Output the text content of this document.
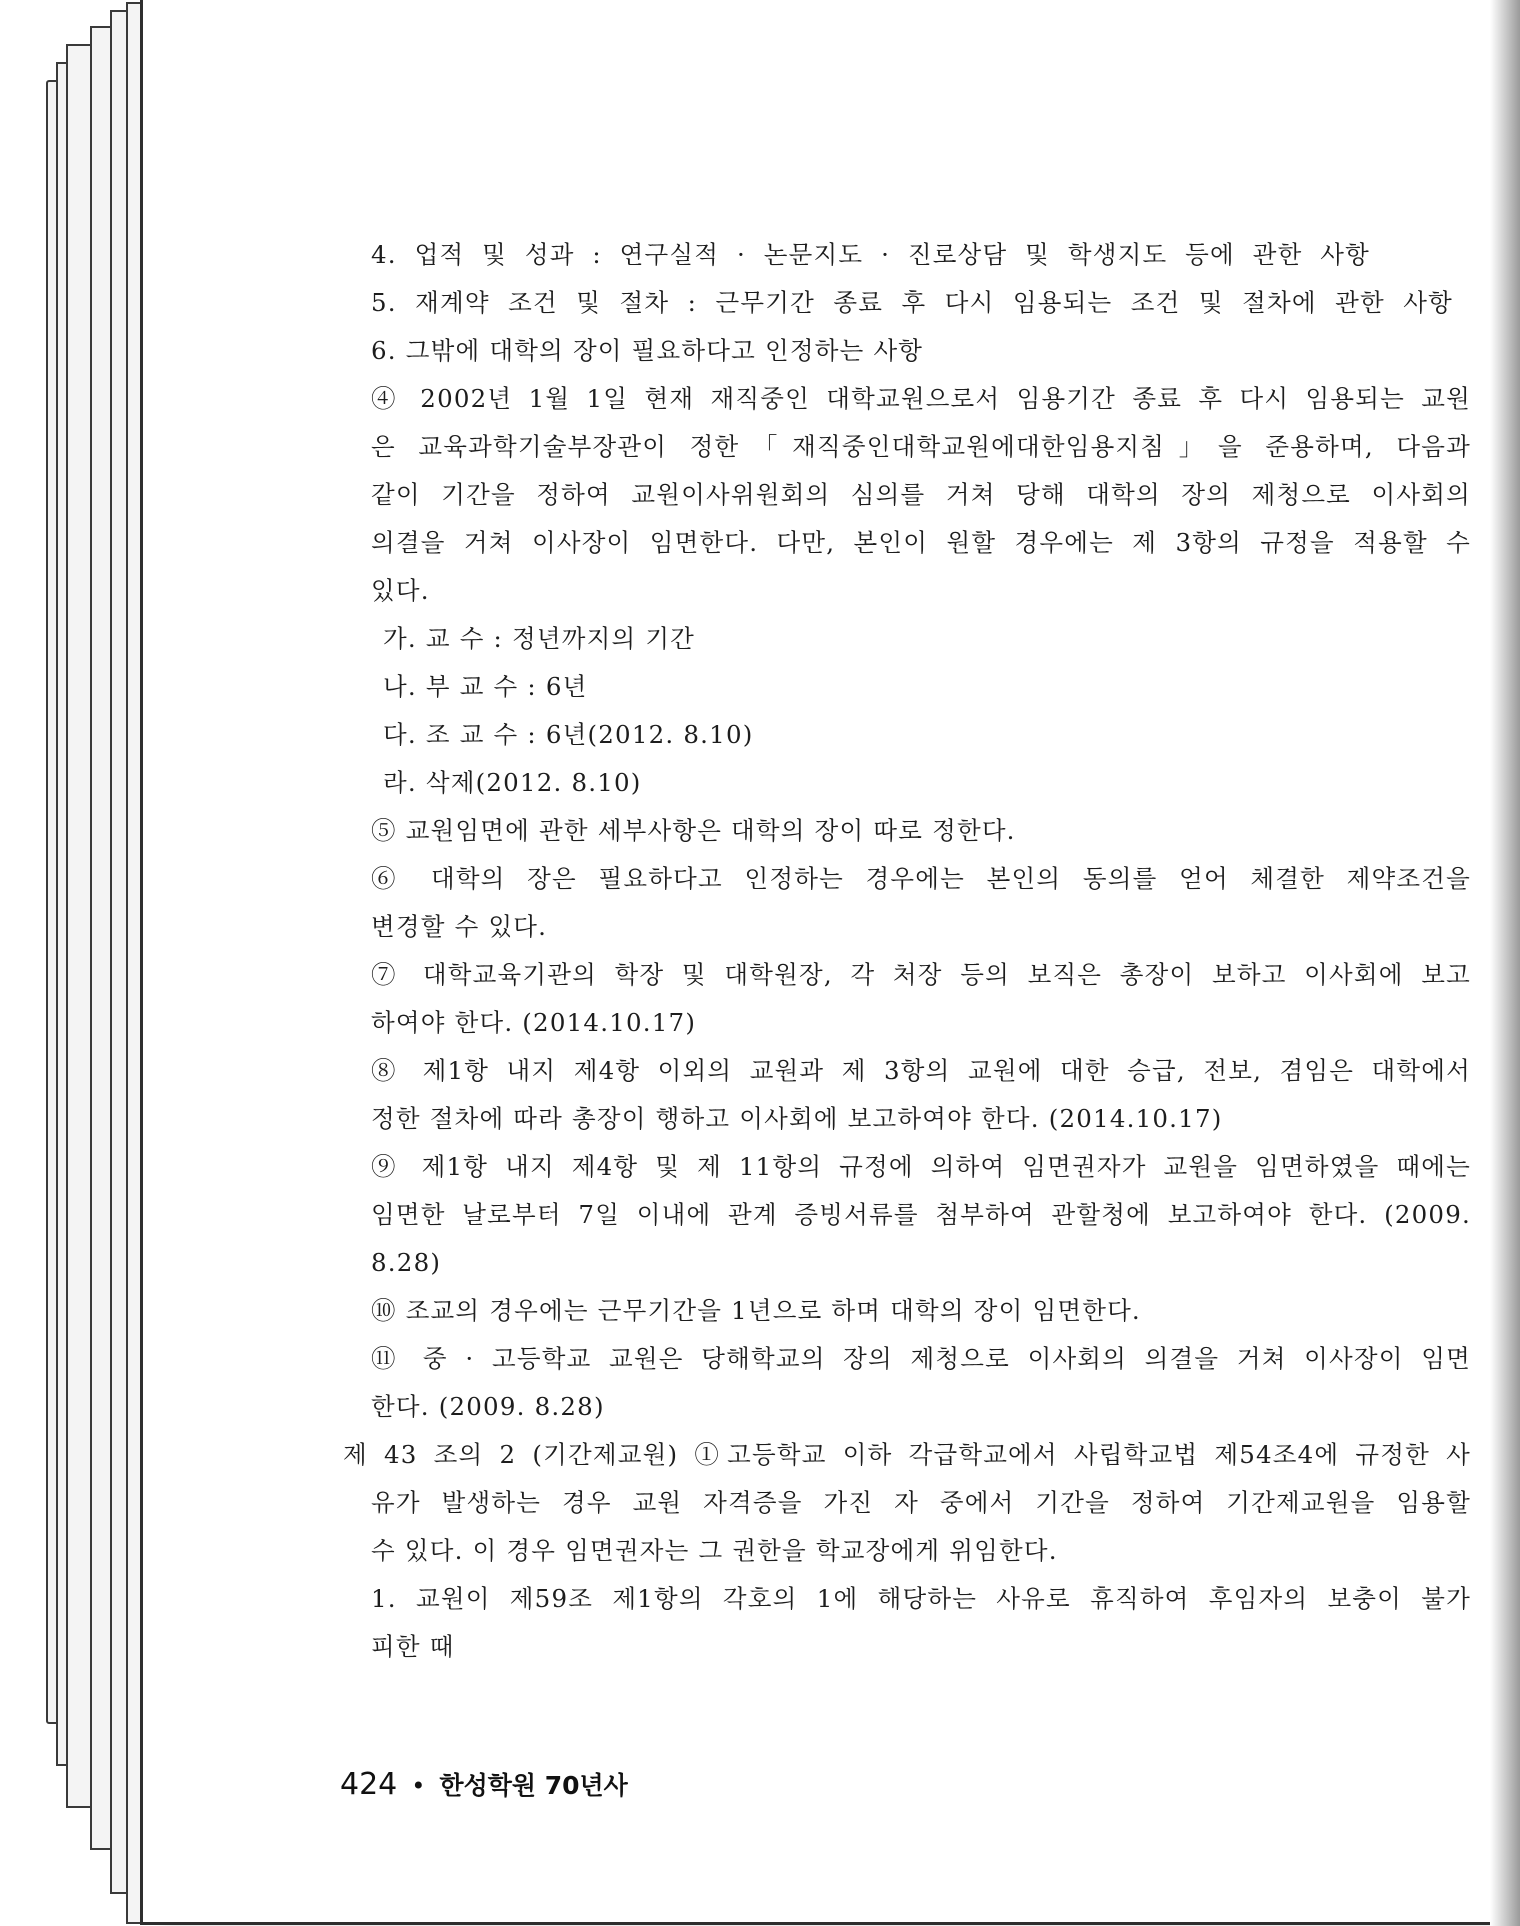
4. 업적 및 성과 : 연구실적 · 논문지도 · 진로상담 및 학생지도 등에 관한 사항
5. 재계약 조건 및 절차 : 근무기간 종료 후 다시 임용되는 조건 및 절차에 관한 사항
6. 그밖에 대학의 장이 필요하다고 인정하는 사항
④ 2002년 1월 1일 현재 재직중인 대학교원으로서 임용기간 종료 후 다시 임용되는 교원
은 교육과학기술부장관이 정한「재직중인대학교원에대한임용지침」을 준용하며, 다음과
같이 기간을 정하여 교원이사위원회의 심의를 거쳐 당해 대학의 장의 제청으로 이사회의
의결을 거쳐 이사장이 임면한다. 다만, 본인이 원할 경우에는 제 3항의 규정을 적용할 수
있다.
가. 교 수 : 정년까지의 기간
나. 부 교 수 : 6년
다. 조 교 수 : 6년(2012. 8.10)
라. 삭제(2012. 8.10)
⑤ 교원임면에 관한 세부사항은 대학의 장이 따로 정한다.
⑥ 대학의 장은 필요하다고 인정하는 경우에는 본인의 동의를 얻어 체결한 제약조건을
변경할 수 있다.
⑦ 대학교육기관의 학장 및 대학원장, 각 처장 등의 보직은 총장이 보하고 이사회에 보고
하여야 한다. (2014.10.17)
⑧ 제1항 내지 제4항 이외의 교원과 제 3항의 교원에 대한 승급, 전보, 겸임은 대학에서
정한 절차에 따라 총장이 행하고 이사회에 보고하여야 한다. (2014.10.17)
⑨ 제1항 내지 제4항 및 제 11항의 규정에 의하여 임면권자가 교원을 임면하였을 때에는
임면한 날로부터 7일 이내에 관계 증빙서류를 첨부하여 관할청에 보고하여야 한다. (2009.
8.28)
⑩ 조교의 경우에는 근무기간을 1년으로 하며 대학의 장이 임면한다.
⑪ 중 · 고등학교 교원은 당해학교의 장의 제청으로 이사회의 의결을 거쳐 이사장이 임면
한다. (2009. 8.28)
제 43 조의 2 (기간제교원) ①고등학교 이하 각급학교에서 사립학교법 제54조4에 규정한 사
유가 발생하는 경우 교원 자격증을 가진 자 중에서 기간을 정하여 기간제교원을 임용할
수 있다. 이 경우 임면권자는 그 권한을 학교장에게 위임한다.
1. 교원이 제59조 제1항의 각호의 1에 해당하는 사유로 휴직하여 후임자의 보충이 불가
피한 때
424 • 한성학원 70년사
